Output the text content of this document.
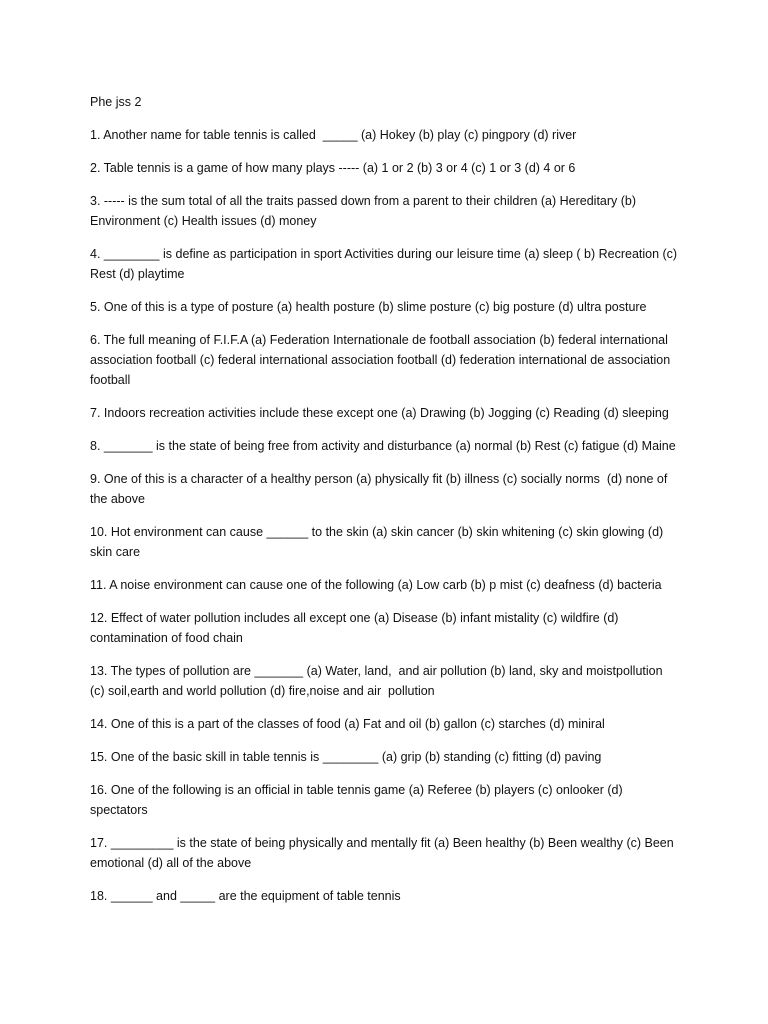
Phe jss 2

1. Another name for table tennis is called  _____ (a) Hokey (b) play (c) pingpory (d) river

2. Table tennis is a game of how many plays ----- (a) 1 or 2 (b) 3 or 4 (c) 1 or 3 (d) 4 or 6

3. ----- is the sum total of all the traits passed down from a parent to their children (a) Hereditary (b) Environment (c) Health issues (d) money

4. ________ is define as participation in sport Activities during our leisure time (a) sleep ( b) Recreation (c) Rest (d) playtime

5. One of this is a type of posture (a) health posture (b) slime posture (c) big posture (d) ultra posture

6. The full meaning of F.I.F.A (a) Federation Internationale de football association (b) federal international association football (c) federal international association football (d) federation international de association football

7. Indoors recreation activities include these except one (a) Drawing (b) Jogging (c) Reading (d) sleeping

8. _______ is the state of being free from activity and disturbance (a) normal (b) Rest (c) fatigue (d) Maine

9. One of this is a character of a healthy person (a) physically fit (b) illness (c) socially norms  (d) none of the above

10. Hot environment can cause ______ to the skin (a) skin cancer (b) skin whitening (c) skin glowing (d) skin care

11. A noise environment can cause one of the following (a) Low carb (b) p mist (c) deafness (d) bacteria

12. Effect of water pollution includes all except one (a) Disease (b) infant mistality (c) wildfire (d) contamination of food chain

13. The types of pollution are _______ (a) Water, land,  and air pollution (b) land, sky and moistpollution (c) soil,earth and world pollution (d) fire,noise and air  pollution

14. One of this is a part of the classes of food (a) Fat and oil (b) gallon (c) starches (d) miniral

15. One of the basic skill in table tennis is ________ (a) grip (b) standing (c) fitting (d) paving

16. One of the following is an official in table tennis game (a) Referee (b) players (c) onlooker (d) spectators

17. _________ is the state of being physically and mentally fit (a) Been healthy (b) Been wealthy (c) Been emotional (d) all of the above

18. ______ and _____ are the equipment of table tennis
